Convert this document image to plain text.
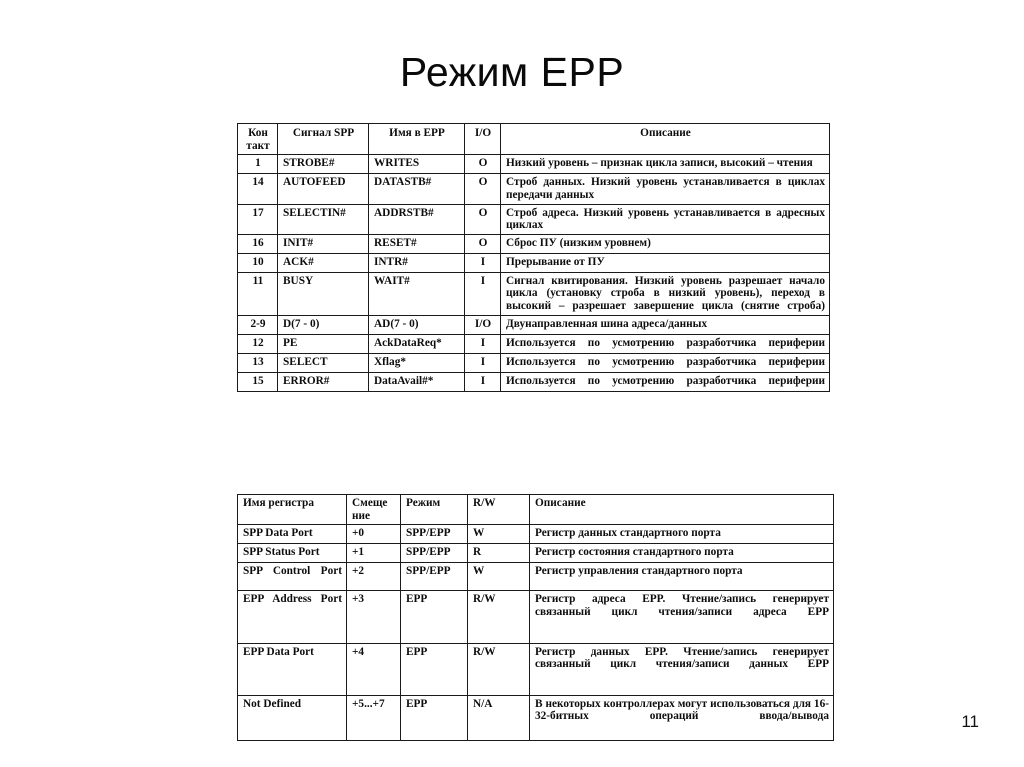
Режим EPP
Кон такт	Сигнал SPP	Имя в EPP	I/O	Описание
1	STROBE#	WRITES	O	Низкий уровень – признак цикла записи, высокий – чтения
14	AUTOFEED	DATASTB#	O	Строб данных. Низкий уровень устанавливается в циклах передачи данных
17	SELECTIN#	ADDRSTB#	O	Строб адреса. Низкий уровень устанавливается в адресных циклах
16	INIT#	RESET#	O	Сброс ПУ (низким уровнем)
10	ACK#	INTR#	I	Прерывание от ПУ
11	BUSY	WAIT#	I	Сигнал квитирования. Низкий уровень разрешает начало цикла (установку строба в низкий уровень), переход в высокий – разрешает завершение цикла (снятие строба)
2-9	D(7 - 0)	AD(7 - 0)	I/O	Двунаправленная шина адреса/данных
12	PE	AckDataReq*	I	Используется по усмотрению разработчика периферии
13	SELECT	Xflag*	I	Используется по усмотрению разработчика периферии
15	ERROR#	DataAvail#*	I	Используется по усмотрению разработчика периферии
Имя регистра	Смеще ние	Режим	R/W	Описание
SPP Data Port	+0	SPP/EPP	W	Регистр данных стандартного порта
SPP Status Port	+1	SPP/EPP	R	Регистр состояния стандартного порта
SPP Control Port	+2	SPP/EPP	W	Регистр управления стандартного порта
EPP Address Port	+3	EPP	R/W	Регистр адреса EPP. Чтение/запись генерирует связанный цикл чтения/записи адреса EPP
EPP Data Port	+4	EPP	R/W	Регистр данных EPP. Чтение/запись генерирует связанный цикл чтения/записи данных EPP
Not Defined	+5...+7	EPP	N/A	В некоторых контроллерах могут использоваться для 16-32-битных операций ввода/вывода	11
